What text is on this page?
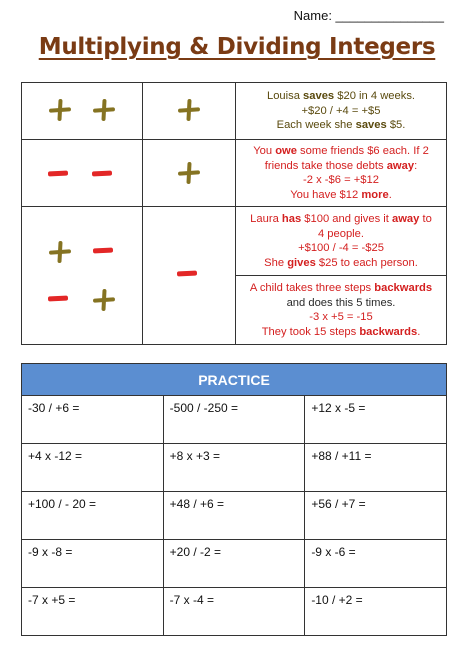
Name: _______________
Multiplying & Dividing Integers

		Louisa saves $20 in 4 weeks.
+$20 / +4 = +$5
Each week she saves $5.

		You owe some friends $6 each. If 2
friends take those debts away:
-2 x -$6 = +$12
You have $12 more.

		Laura has $100 and gives it away to
4 people.
+$100 / -4 = -$25
She gives $25 to each person.

		A child takes three steps backwards
and does this 5 times.
-3 x +5 = -15
They took 15 steps backwards.
PRACTICE		
-30 / +6 =	-500 / -250 =	+12 x -5 =
+4 x -12 =	+8 x +3 =	+88 / +11 =
+100 / - 20 =	+48 / +6 =	+56 / +7 =
-9 x -8 =	+20 / -2 =	-9 x -6 =
-7 x +5 =	-7 x -4 =	-10 / +2 =
